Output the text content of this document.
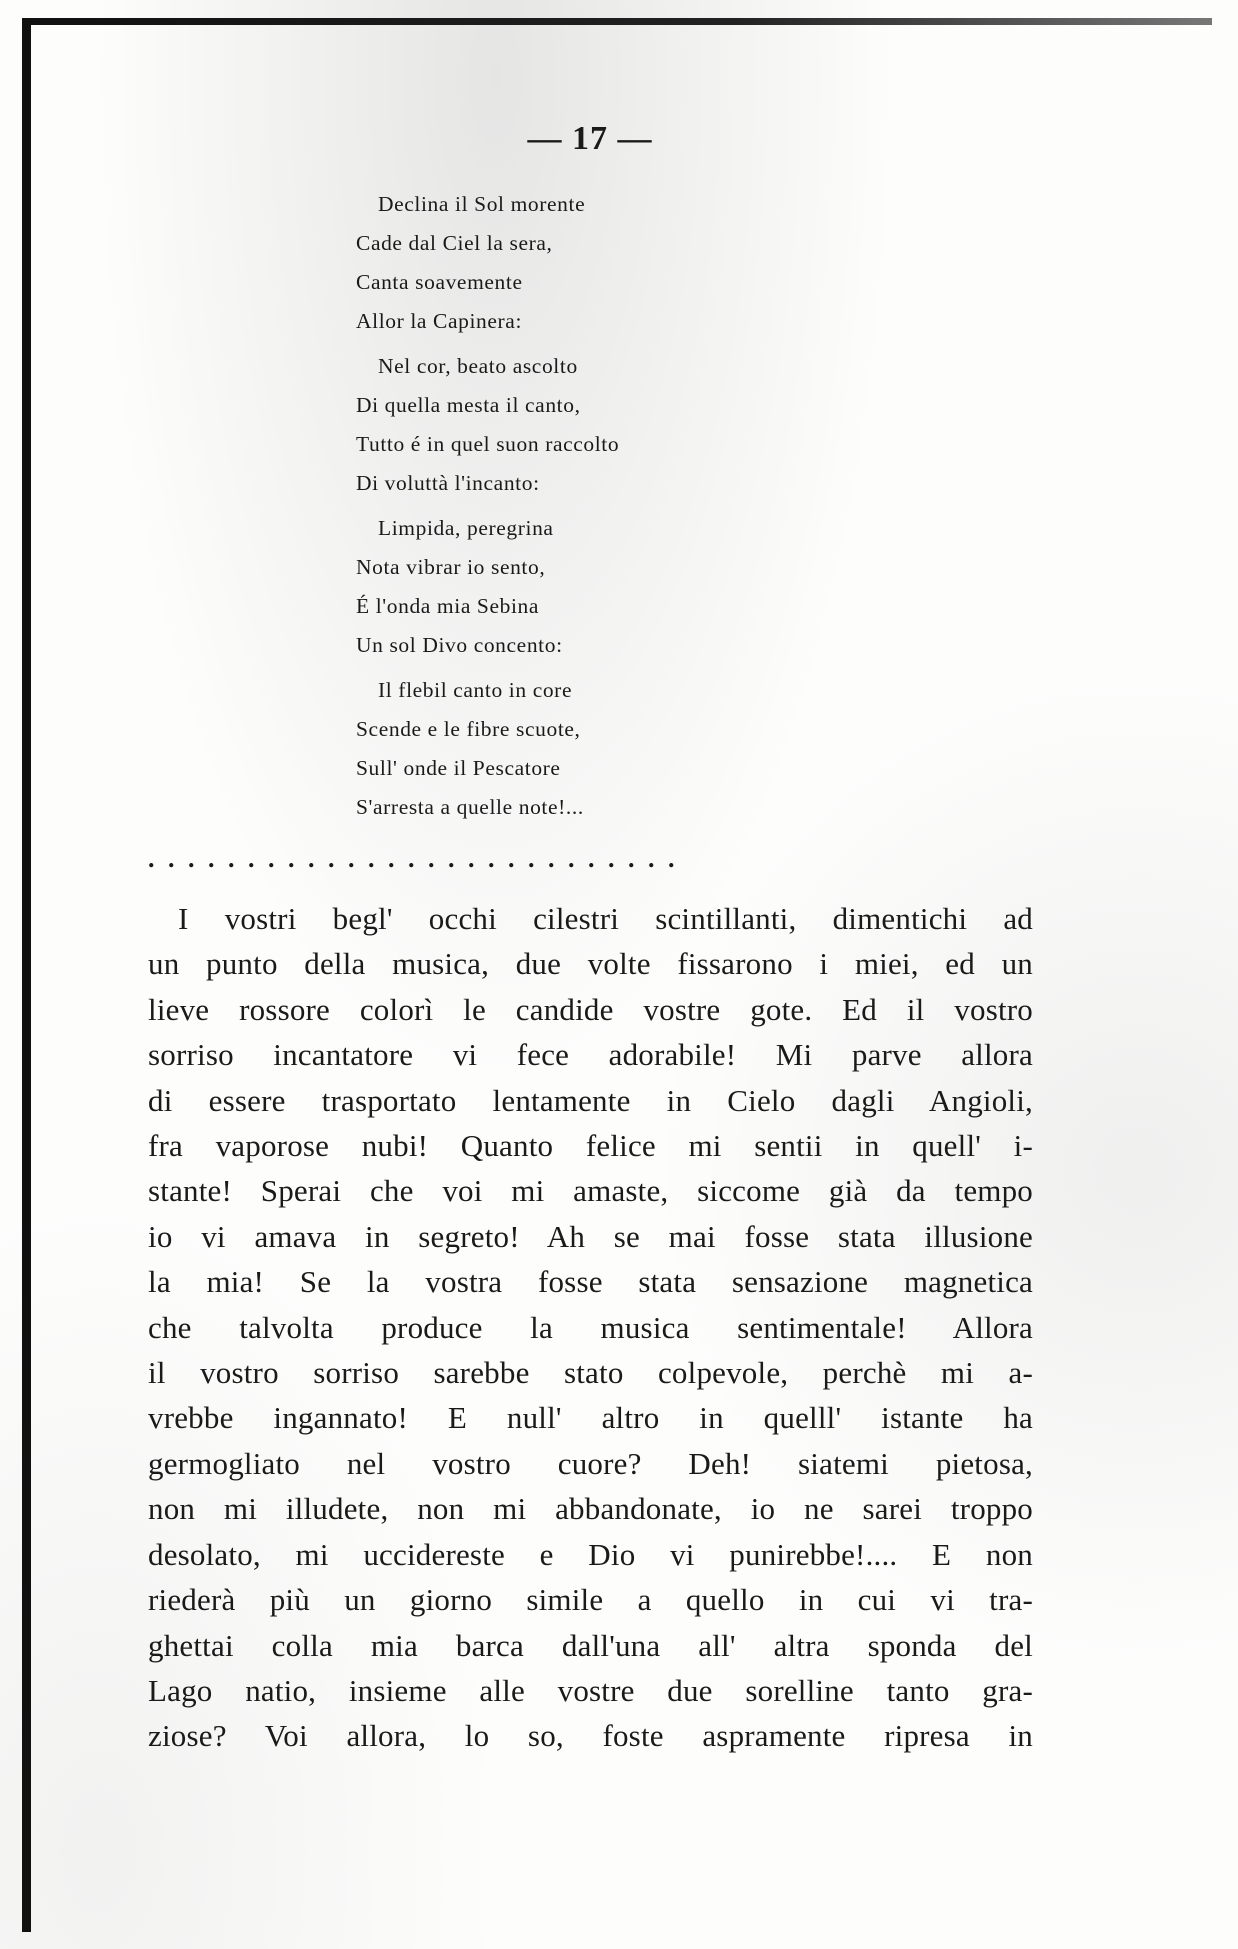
— 17 —
Declina il Sol morente
Cade dal Ciel la sera,
Canta soavemente
Allor la Capinera:
Nel cor, beato ascolto
Di quella mesta il canto,
Tutto é in quel suon raccolto
Di voluttà l'incanto:
Limpida, peregrina
Nota vibrar io sento,
É l'onda mia Sebina
Un sol Divo concento:
Il flebil canto in core
Scende e le fibre scuote,
Sull' onde il Pescatore
S'arresta a quelle note!...
...........................
I vostri begl' occhi cilestri scintillanti, dimentichi ad
un punto della musica, due volte fissarono i miei, ed un
lieve rossore colorì le candide vostre gote. Ed il vostro
sorriso incantatore vi fece adorabile! Mi parve allora
di essere trasportato lentamente in Cielo dagli Angioli,
fra vaporose nubi! Quanto felice mi sentii in quell' i-
stante! Sperai che voi mi amaste, siccome già da tempo
io vi amava in segreto! Ah se mai fosse stata illusione
la mia! Se la vostra fosse stata sensazione magnetica
che talvolta produce la musica sentimentale! Allora
il vostro sorriso sarebbe stato colpevole, perchè mi a-
vrebbe ingannato! E null' altro in quelll' istante ha
germogliato nel vostro cuore? Deh! siatemi pietosa,
non mi illudete, non mi abbandonate, io ne sarei troppo
desolato, mi uccidereste e Dio vi punirebbe!.... E non
riederà più un giorno simile a quello in cui vi tra-
ghettai colla mia barca dall'una all' altra sponda del
Lago natio, insieme alle vostre due sorelline tanto gra-
ziose? Voi allora, lo so, foste aspramente ripresa in
